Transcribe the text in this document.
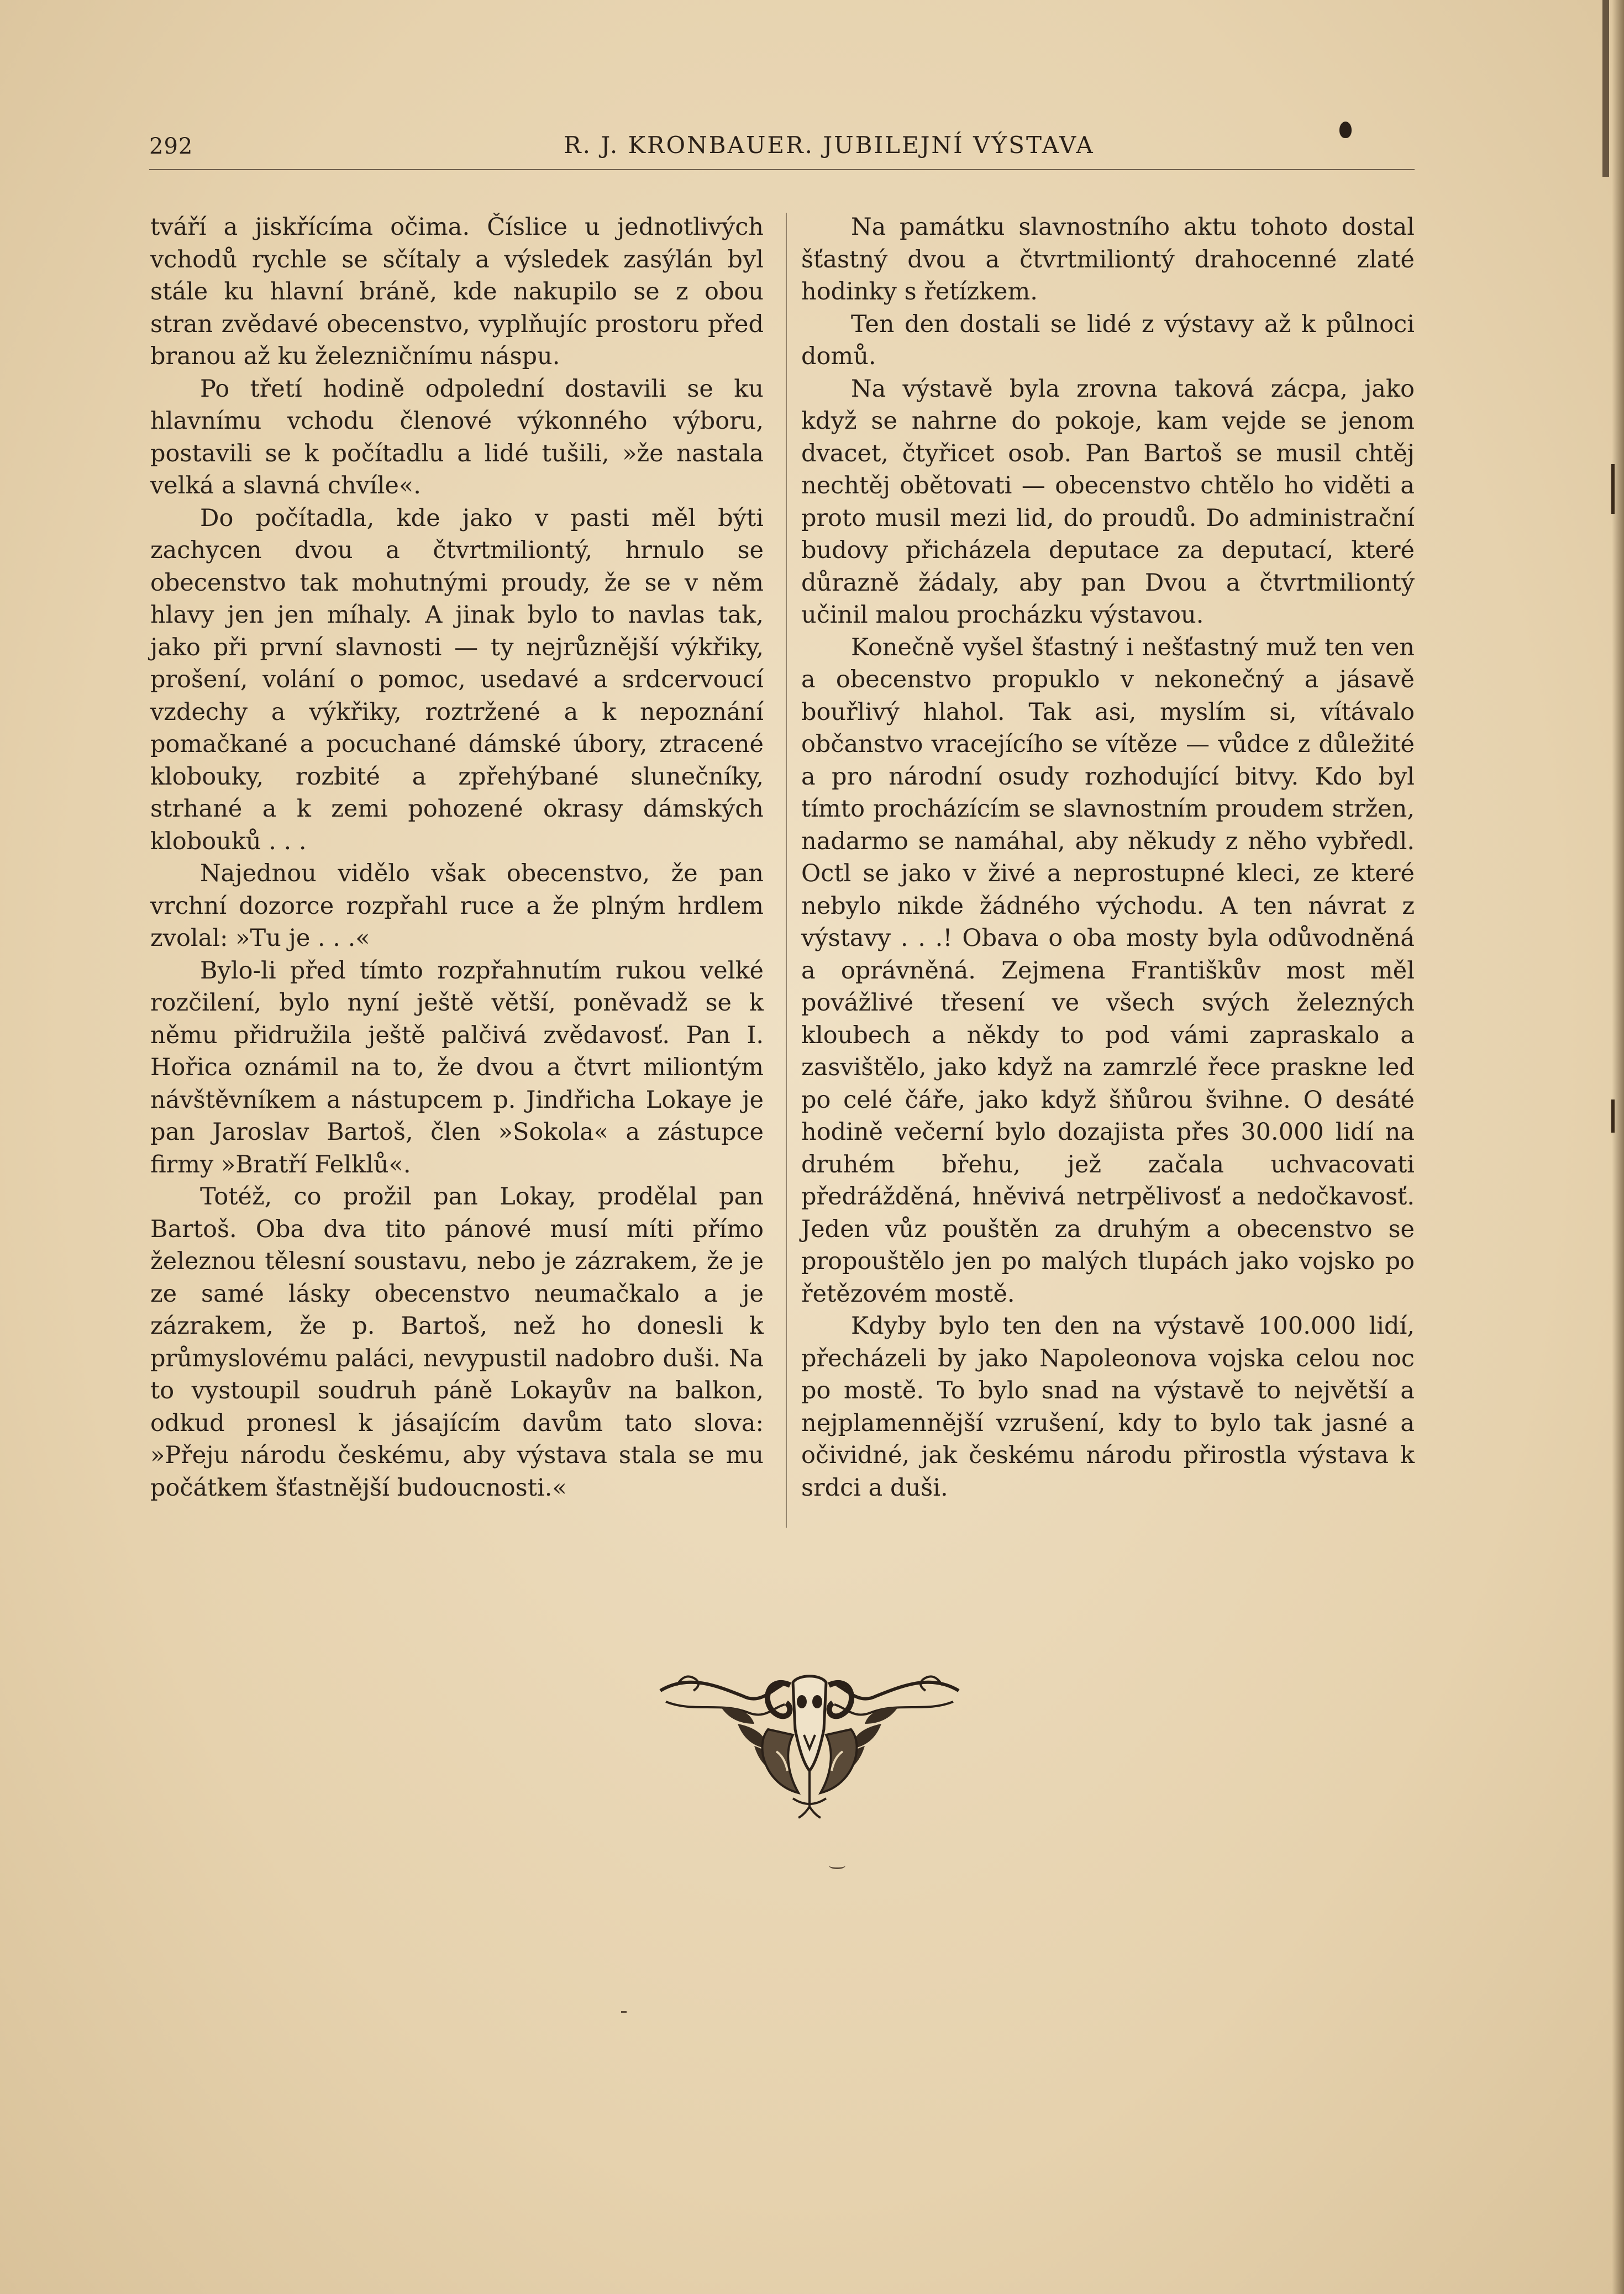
292	R. J. KRONBAUER. JUBILEJNÍ VÝSTAVA

tváří a jiskřícíma očima. Číslice u jednotlivých vchodů rychle se sčítaly a výsledek zasýlán byl stále ku hlavní bráně, kde nakupilo se z obou stran zvědavé obecenstvo, vyplňujíc prostoru před branou až ku železničnímu náspu.

Po třetí hodině odpolední dostavili se ku hlavnímu vchodu členové výkonného výboru, postavili se k počítadlu a lidé tušili, »že nastala velká a slavná chvíle«.

Do počítadla, kde jako v pasti měl býti zachycen dvou a čtvrtmiliontý, hrnulo se obecenstvo tak mohutnými proudy, že se v něm hlavy jen jen míhaly. A jinak bylo to navlas tak, jako při první slavnosti — ty nejrůznější výkřiky, prošení, volání o pomoc, usedavé a srdcervoucí vzdechy a výkřiky, roztržené a k nepoznání pomačkané a pocuchané dámské úbory, ztracené klobouky, rozbité a zpřehýbané slunečníky, strhané a k zemi pohozené okrasy dámských klobouků . . .

Najednou vidělo však obecenstvo, že pan vrchní dozorce rozpřahl ruce a že plným hrdlem zvolal: »Tu je . . .«

Bylo-li před tímto rozpřahnutím rukou velké rozčilení, bylo nyní ještě větší, poněvadž se k němu přidružila ještě palčivá zvědavosť. Pan I. Hořica oznámil na to, že dvou a čtvrt miliontým návštěvníkem a nástupcem p. Jindřicha Lokaye je pan Jaroslav Bartoš, člen »Sokola« a zástupce firmy »Bratří Felklů«.

Totéž, co prožil pan Lokay, prodělal pan Bartoš. Oba dva tito pánové musí míti přímo železnou tělesní soustavu, nebo je zázrakem, že je ze samé lásky obecenstvo neumačkalo a je zázrakem, že p. Bartoš, než ho donesli k průmyslovému paláci, nevypustil nadobro duši. Na to vystoupil soudruh páně Lokayův na balkon, odkud pronesl k jásajícím davům tato slova: »Přeju národu českému, aby výstava stala se mu počátkem šťastnější budoucnosti.«

Na památku slavnostního aktu tohoto dostal šťastný dvou a čtvrtmiliontý drahocenné zlaté hodinky s řetízkem.

Ten den dostali se lidé z výstavy až k půlnoci domů.

Na výstavě byla zrovna taková zácpa, jako když se nahrne do pokoje, kam vejde se jenom dvacet, čtyřicet osob. Pan Bartoš se musil chtěj nechtěj obětovati — obecenstvo chtělo ho viděti a proto musil mezi lid, do proudů. Do administrační budovy přicházela deputace za deputací, které důrazně žádaly, aby pan Dvou a čtvrtmiliontý učinil malou procházku výstavou.

Konečně vyšel šťastný i nešťastný muž ten ven a obecenstvo propuklo v nekonečný a jásavě bouřlivý hlahol. Tak asi, myslím si, vítávalo občanstvo vracejícího se vítěze — vůdce z důležité a pro národní osudy rozhodující bitvy. Kdo byl tímto procházícím se slavnostním proudem stržen, nadarmo se namáhal, aby někudy z něho vybředl. Octl se jako v živé a neprostupné kleci, ze které nebylo nikde žádného východu. A ten návrat z výstavy . . .! Obava o oba mosty byla odůvodněná a oprávněná. Zejmena Františkův most měl povážlivé třesení ve všech svých železných kloubech a někdy to pod vámi zapraskalo a zasvištělo, jako když na zamrzlé řece praskne led po celé čáře, jako když šňůrou švihne. O desáté hodině večerní bylo dozajista přes 30.000 lidí na druhém břehu, jež začala uchvacovati předrážděná, hněvivá netrpělivosť a nedočkavosť. Jeden vůz pouštěn za druhým a obecenstvo se propouštělo jen po malých tlupách jako vojsko po řetězovém mostě.

Kdyby bylo ten den na výstavě 100.000 lidí, přecházeli by jako Napoleonova vojska celou noc po mostě. To bylo snad na výstavě to největší a nejplamennější vzrušení, kdy to bylo tak jasné a očividné, jak českému národu přirostla výstava k srdci a duši.
